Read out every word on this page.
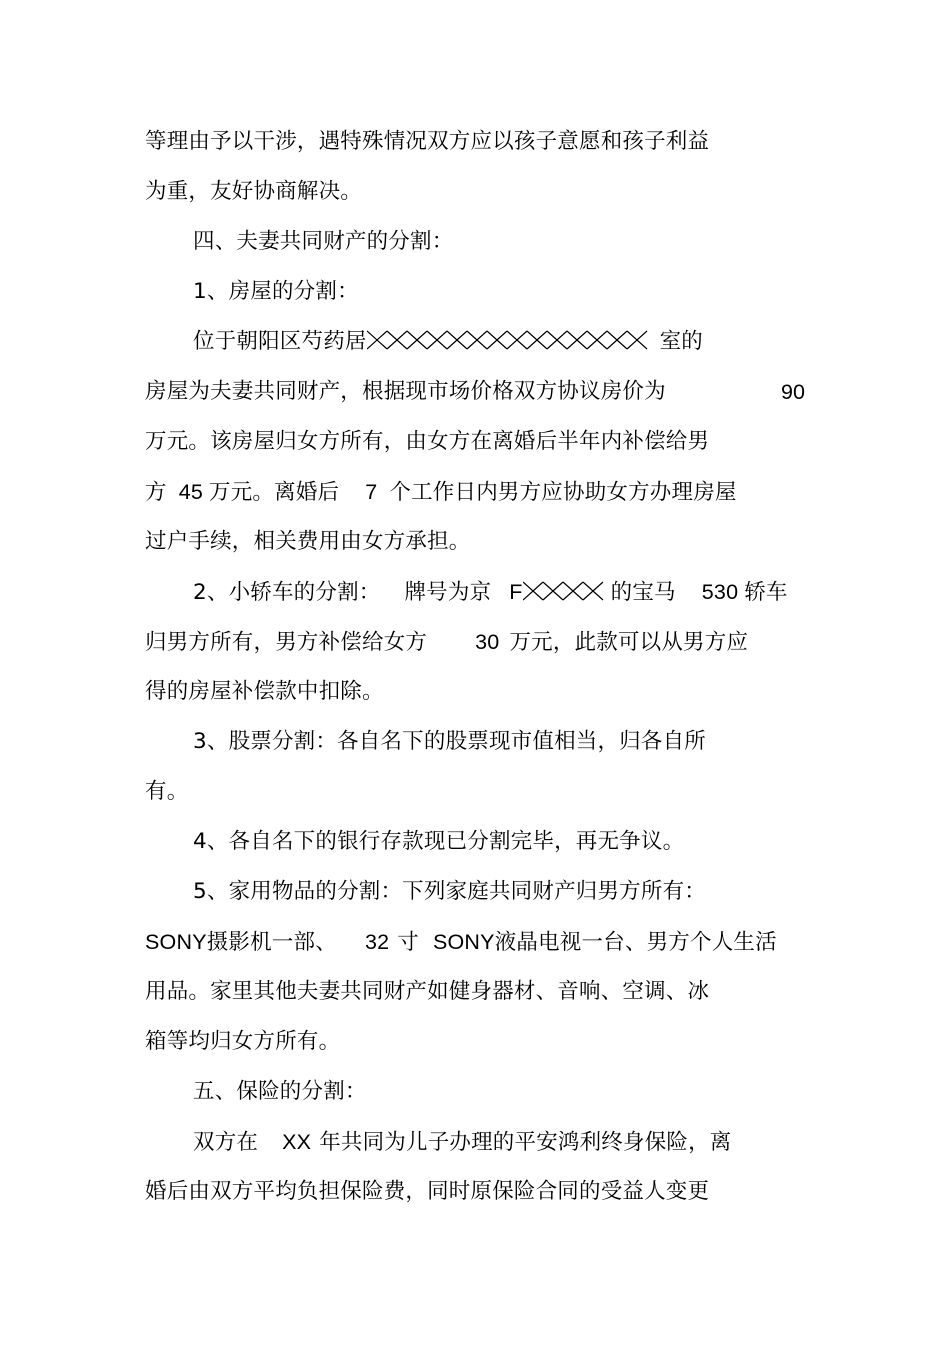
等理由予以干涉，遇特殊情况双方应以孩子意愿和孩子利益
为重，友好协商解决。
四、夫妻共同财产的分割：
1、房屋的分割：
位于朝阳区芍药居	室的
房屋为夫妻共同财产，根据现市场价格双方协议房价为	90
万元。该房屋归女方所有，由女方在离婚后半年内补偿给男
方 45 万元。离婚后 7 个工作日内男方应协助女方办理房屋
过户手续，相关费用由女方承担。
2、小轿车的分割： 牌号为京 F	的宝马 530 轿车
归男方所有，男方补偿给女方 30 万元，此款可以从男方应
得的房屋补偿款中扣除。
3、股票分割：各自名下的股票现市值相当，归各自所
有。
4、各自名下的银行存款现已分割完毕，再无争议。
5、家用物品的分割：下列家庭共同财产归男方所有：
SONY摄影机一部、 32 寸 SONY液晶电视一台、男方个人生活
用品。家里其他夫妻共同财产如健身器材、音响、空调、冰
箱等均归女方所有。
五、保险的分割：
双方在 XX 年共同为儿子办理的平安鸿利终身保险，离
婚后由双方平均负担保险费，同时原保险合同的受益人变更
